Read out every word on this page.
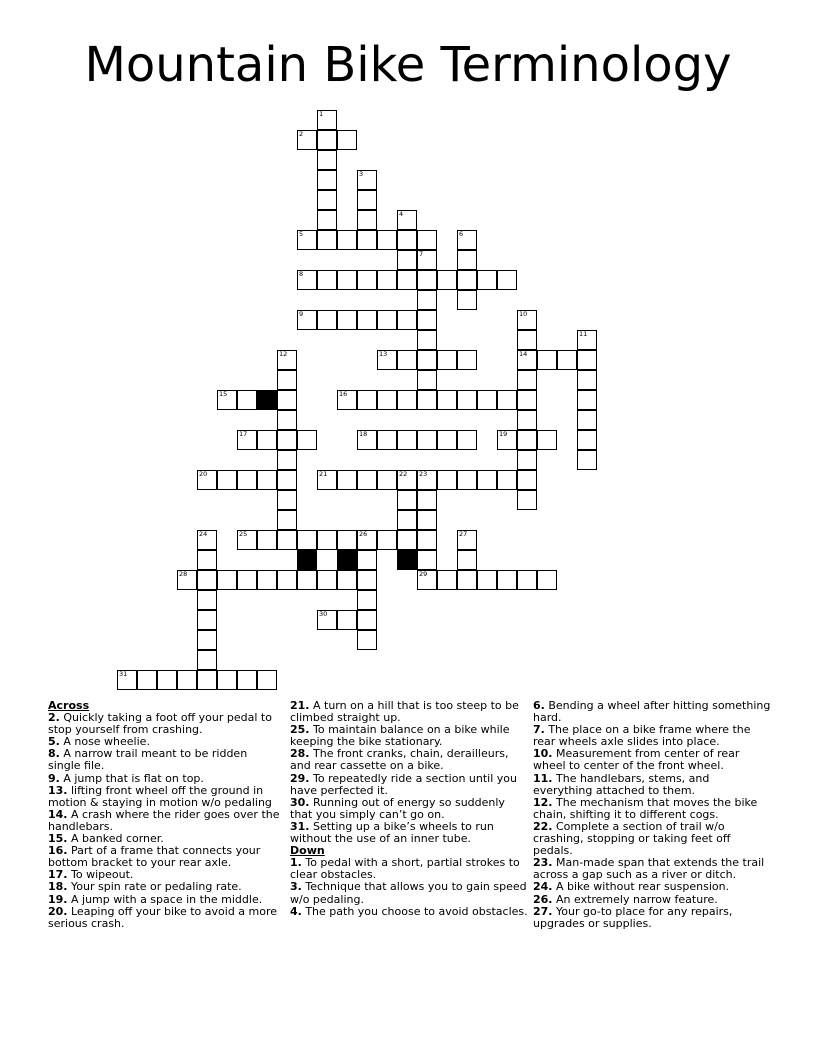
Mountain Bike Terminology
2
5
8
9
13	14
15	16
17	18	19
20	21	22 23
25	26
28	29
30
31
1
3
4
6
7
10
11
12
24	27
Across
2. Quickly taking a foot off your pedal to stop yourself from crashing.
5. A nose wheelie.
8. A narrow trail meant to be ridden single file.
9. A jump that is flat on top.
13. lifting front wheel off the ground in motion & staying in motion w/o pedaling
14. A crash where the rider goes over the handlebars.
15. A banked corner.
16. Part of a frame that connects your bottom bracket to your rear axle.
17. To wipeout.
18. Your spin rate or pedaling rate.
19. A jump with a space in the middle.
20. Leaping off your bike to avoid a more serious crash.
21. A turn on a hill that is too steep to be climbed straight up.
25. To maintain balance on a bike while keeping the bike stationary.
28. The front cranks, chain, derailleurs, and rear cassette on a bike.
29. To repeatedly ride a section until you have perfected it.
30. Running out of energy so suddenly that you simply can’t go on.
31. Setting up a bike’s wheels to run without the use of an inner tube.
Down
1. To pedal with a short, partial strokes to clear obstacles.
3. Technique that allows you to gain speed w/o pedaling.
4. The path you choose to avoid obstacles.
6. Bending a wheel after hitting something hard.
7. The place on a bike frame where the rear wheels axle slides into place.
10. Measurement from center of rear wheel to center of the front wheel.
11. The handlebars, stems, and everything attached to them.
12. The mechanism that moves the bike chain, shifting it to different cogs.
22. Complete a section of trail w/o crashing, stopping or taking feet off pedals.
23. Man-made span that extends the trail across a gap such as a river or ditch.
24. A bike without rear suspension.
26. An extremely narrow feature.
27. Your go-to place for any repairs, upgrades or supplies.
